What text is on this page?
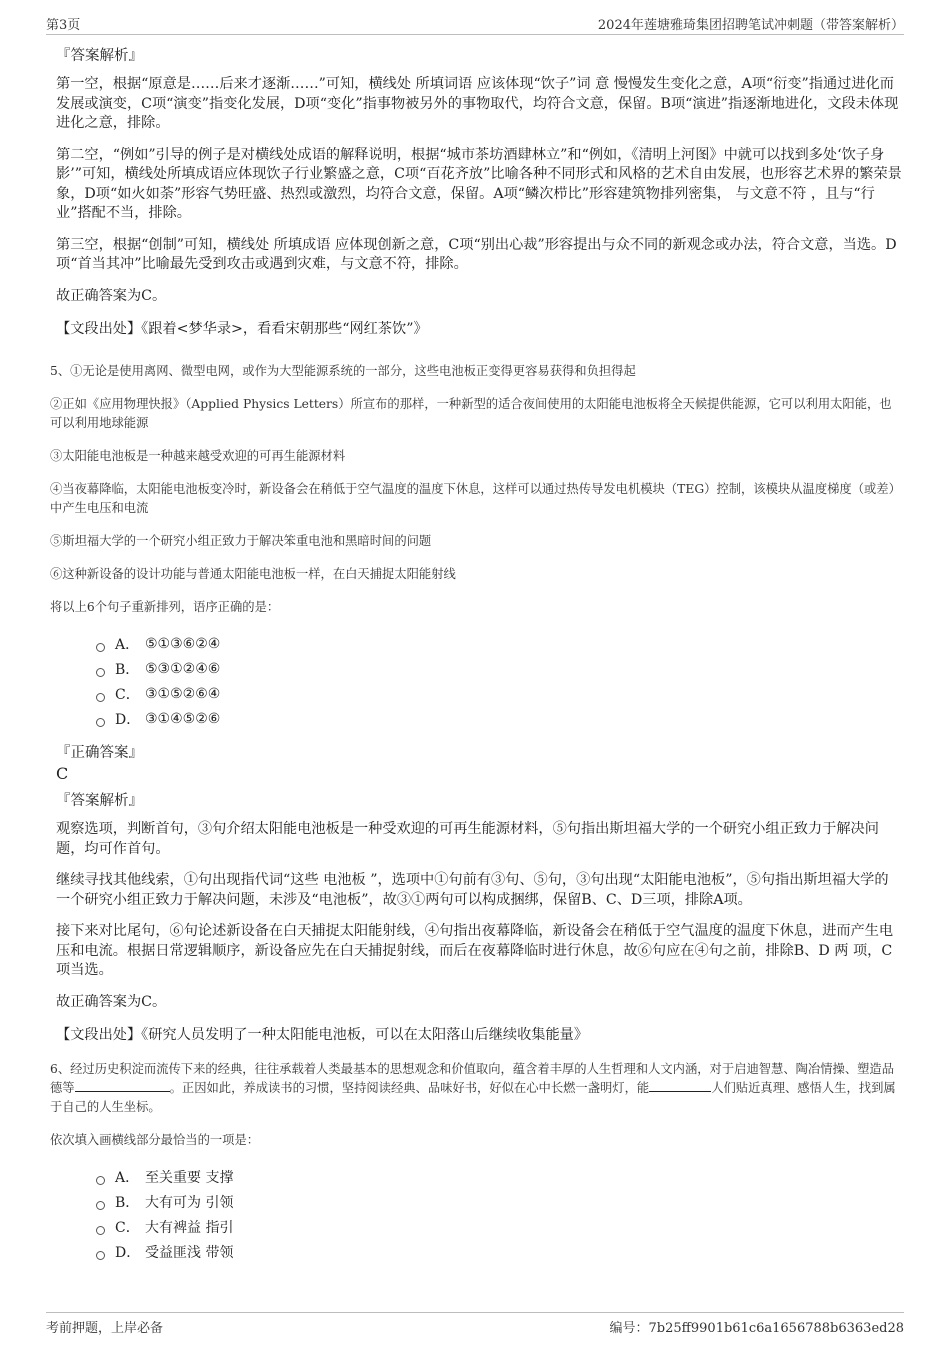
第3页	2024年莲塘雅琦集团招聘笔试冲刺题（带答案解析）
『答案解析』

第一空，根据“原意是……后来才逐渐……”可知，横线处 所填词语 应该体现“饮子”词 意 慢慢发生变化之意，A项“衍变”指通过进化而发展或演变，C项“演变”指变化发展，D项“变化”指事物被另外的事物取代，均符合文意，保留。B项“演进”指逐渐地进化，文段未体现进化之意，排除。

第二空，“例如”引导的例子是对横线处成语的解释说明，根据“城市茶坊酒肆林立”和“例如，《清明上河图》中就可以找到多处‘饮子身影’”可知，横线处所填成语应体现饮子行业繁盛之意，C项“百花齐放”比喻各种不同形式和风格的艺术自由发展，也形容艺术界的繁荣景象，D项“如火如荼”形容气势旺盛、热烈或激烈，均符合文意，保留。A项“鳞次栉比”形容建筑物排列密集， 与文意不符 ，且与“行业”搭配不当，排除。

第三空，根据“创制”可知，横线处 所填成语 应体现创新之意，C项“别出心裁”形容提出与众不同的新观念或办法，符合文意，当选。D项“首当其冲”比喻最先受到攻击或遇到灾难，与文意不符，排除。

故正确答案为C。

【文段出处】《跟着<梦华录>，看看宋朝那些“网红茶饮”》

5、①无论是使用离网、微型电网，或作为大型能源系统的一部分，这些电池板正变得更容易获得和负担得起

②正如《应用物理快报》（Applied Physics Letters）所宣布的那样，一种新型的适合夜间使用的太阳能电池板将全天候提供能源，它可以利用太阳能，也可以利用地球能源

③太阳能电池板是一种越来越受欢迎的可再生能源材料

④当夜幕降临，太阳能电池板变冷时，新设备会在稍低于空气温度的温度下休息，这样可以通过热传导发电机模块（TEG）控制，该模块从温度梯度（或差）中产生电压和电流

⑤斯坦福大学的一个研究小组正致力于解决笨重电池和黑暗时间的问题

⑥这种新设备的设计功能与普通太阳能电池板一样，在白天捕捉太阳能射线

将以上6个句子重新排列，语序正确的是：

A． ⑤①③⑥②④
B． ⑤③①②④⑥
C． ③①⑤②⑥④
D． ③①④⑤②⑥
『正确答案』
C
『答案解析』

观察选项，判断首句，③句介绍太阳能电池板是一种受欢迎的可再生能源材料，⑤句指出斯坦福大学的一个研究小组正致力于解决问题，均可作首句。

继续寻找其他线索，①句出现指代词“这些 电池板 ”，选项中①句前有③句、⑤句，③句出现“太阳能电池板”，⑤句指出斯坦福大学的一个研究小组正致力于解决问题，未涉及“电池板”，故③①两句可以构成捆绑，保留B、C、D三项，排除A项。

接下来对比尾句，⑥句论述新设备在白天捕捉太阳能射线，④句指出夜幕降临，新设备会在稍低于空气温度的温度下休息，进而产生电压和电流。根据日常逻辑顺序，新设备应先在白天捕捉射线，而后在夜幕降临时进行休息，故⑥句应在④句之前，排除B、D 两 项，C项当选。

故正确答案为C。

【文段出处】《研究人员发明了一种太阳能电池板，可以在太阳落山后继续收集能量》

6、经过历史积淀而流传下来的经典，往往承载着人类最基本的思想观念和价值取向，蕴含着丰厚的人生哲理和人文内涵，对于启迪智慧、陶冶情操、塑造品德等	。正因如此，养成读书的习惯，坚持阅读经典、品味好书，好似在心中长燃一盏明灯，能	人们贴近真理、感悟人生，找到属于自己的人生坐标。

依次填入画横线部分最恰当的一项是：

A． 至关重要 支撑
B． 大有可为 引领
C． 大有裨益 指引
D． 受益匪浅 带领
考前押题，上岸必备	编号：7b25ff9901b61c6a1656788b6363ed28
